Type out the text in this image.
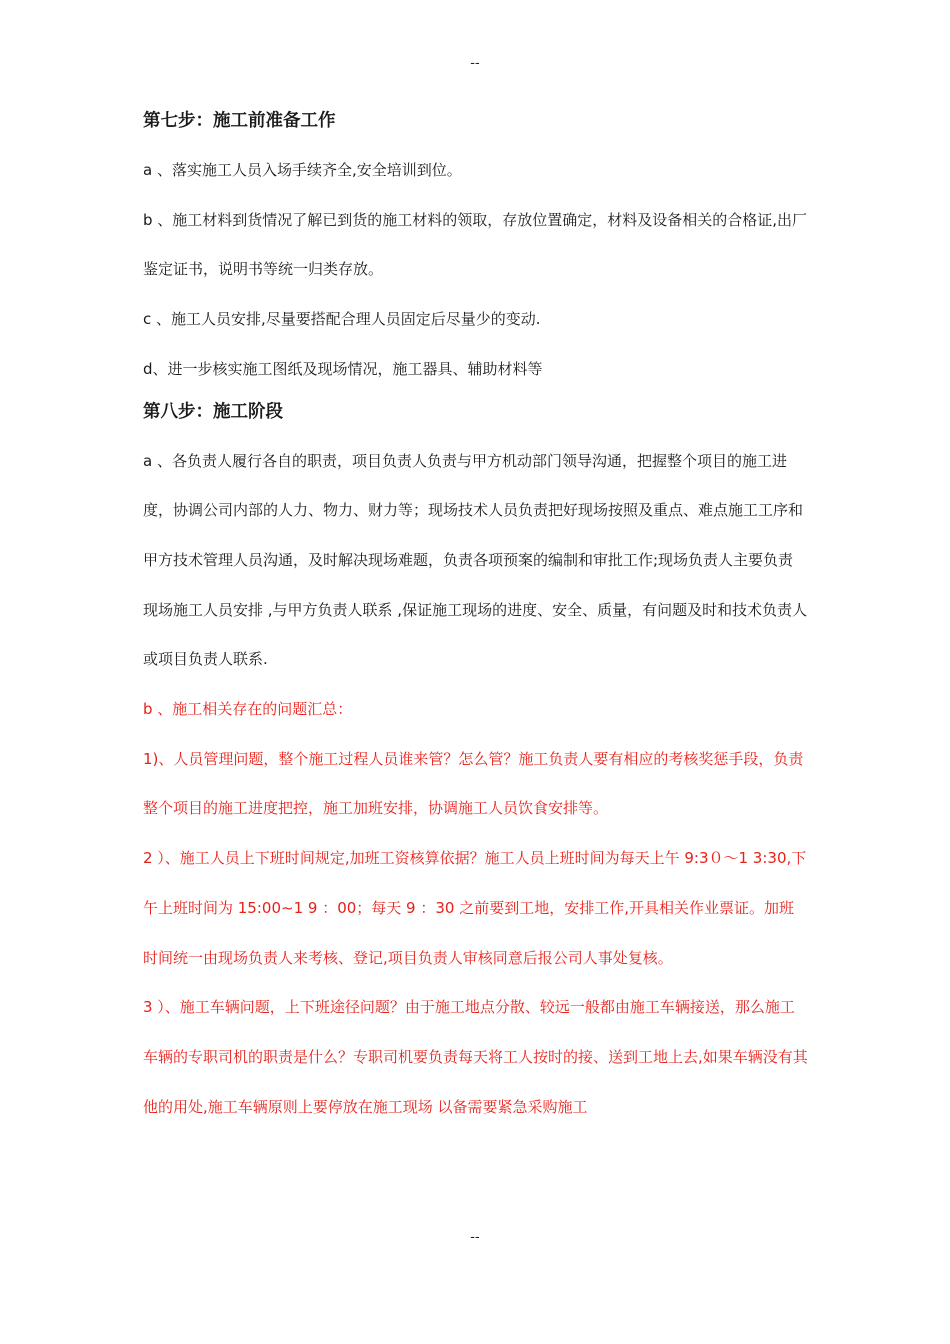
--
第七步：施工前准备工作

a 、落实施工人员入场手续齐全,安全培训到位。

b 、施工材料到货情况了解已到货的施工材料的领取，存放位置确定，材料及设备相关的合格证,出厂鉴定证书，说明书等统一归类存放。

c 、施工人员安排,尽量要搭配合理人员固定后尽量少的变动.

d、进一步核实施工图纸及现场情况，施工器具、辅助材料等

第八步：施工阶段

a 、各负责人履行各自的职责，项目负责人负责与甲方机动部门领导沟通，把握整个项目的施工进度，协调公司内部的人力、物力、财力等；现场技术人员负责把好现场按照及重点、难点施工工序和甲方技术管理人员沟通，及时解决现场难题，负责各项预案的编制和审批工作;现场负责人主要负责现场施工人员安排 ,与甲方负责人联系 ,保证施工现场的进度、安全、质量，有问题及时和技术负责人或项目负责人联系.

b 、施工相关存在的问题汇总：

1)、人员管理问题，整个施工过程人员谁来管？怎么管？施工负责人要有相应的考核奖惩手段，负责整个项目的施工进度把控，施工加班安排，协调施工人员饮食安排等。

2 ）、施工人员上下班时间规定,加班工资核算依据？施工人员上班时间为每天上午 9:3０～1 3:30,下午上班时间为 15:00~1 9 ：00；每天 9 ：30 之前要到工地，安排工作,开具相关作业票证。加班时间统一由现场负责人来考核、登记,项目负责人审核同意后报公司人事处复核。

3 ）、施工车辆问题，上下班途径问题？由于施工地点分散、较远一般都由施工车辆接送，那么施工车辆的专职司机的职责是什么？专职司机要负责每天将工人按时的接、送到工地上去,如果车辆没有其他的用处,施工车辆原则上要停放在施工现场 以备需要紧急采购施工

--
